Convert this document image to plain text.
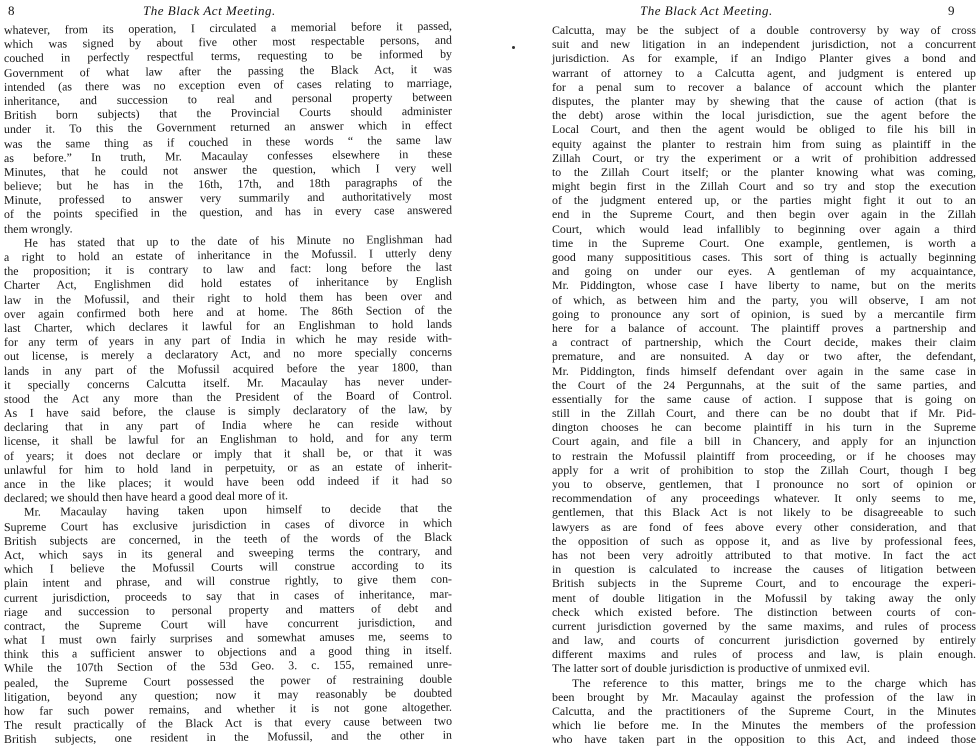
8	The Black Act Meeting.
whatever, from its operation, I circulated a memorial before it passed,
which was signed by about five other most respectable persons, and
couched in perfectly respectful terms, requesting to be informed by
Government of what law after the passing the Black Act, it was
intended (as there was no exception even of cases relating to marriage,
inheritance, and succession to real and personal property between
British born subjects) that the Provincial Courts should administer
under it. To this the Government returned an answer which in effect
was the same thing as if couched in these words “ the same law
as before.” In truth, Mr. Macaulay confesses elsewhere in these
Minutes, that he could not answer the question, which I very well
believe; but he has in the 16th, 17th, and 18th paragraphs of the
Minute, professed to answer very summarily and authoritatively most
of the points specified in the question, and has in every case answered
them wrongly.
He has stated that up to the date of his Minute no Englishman had
a right to hold an estate of inheritance in the Mofussil. I utterly deny
the proposition; it is contrary to law and fact: long before the last
Charter Act, Englishmen did hold estates of inheritance by English
law in the Mofussil, and their right to hold them has been over and
over again confirmed both here and at home. The 86th Section of the
last Charter, which declares it lawful for an Englishman to hold lands
for any term of years in any part of India in which he may reside with-
out license, is merely a declaratory Act, and no more specially concerns
lands in any part of the Mofussil acquired before the year 1800, than
it specially concerns Calcutta itself. Mr. Macaulay has never under-
stood the Act any more than the President of the Board of Control.
As I have said before, the clause is simply declaratory of the law, by
declaring that in any part of India where he can reside without
license, it shall be lawful for an Englishman to hold, and for any term
of years; it does not declare or imply that it shall be, or that it was
unlawful for him to hold land in perpetuity, or as an estate of inherit-
ance in the like places; it would have been odd indeed if it had so
declared; we should then have heard a good deal more of it.
Mr. Macaulay having taken upon himself to decide that the
Supreme Court has exclusive jurisdiction in cases of divorce in which
British subjects are concerned, in the teeth of the words of the Black
Act, which says in its general and sweeping terms the contrary, and
which I believe the Mofussil Courts will construe according to its
plain intent and phrase, and will construe rightly, to give them con-
current jurisdiction, proceeds to say that in cases of inheritance, mar-
riage and succession to personal property and matters of debt and
contract, the Supreme Court will have concurrent jurisdiction, and
what I must own fairly surprises and somewhat amuses me, seems to
think this a sufficient answer to objections and a good thing in itself.
While the 107th Section of the 53d Geo. 3. c. 155, remained unre-
pealed, the Supreme Court possessed the power of restraining double
litigation, beyond any question; now it may reasonably be doubted
how far such power remains, and whether it is not gone altogether.
The result practically of the Black Act is that every cause between two
British subjects, one resident in the Mofussil, and the other in
The Black Act Meeting.	9
Calcutta, may be the subject of a double controversy by way of cross
suit and new litigation in an independent jurisdiction, not a concurrent
jurisdiction. As for example, if an Indigo Planter gives a bond and
warrant of attorney to a Calcutta agent, and judgment is entered up
for a penal sum to recover a balance of account which the planter
disputes, the planter may by shewing that the cause of action (that is
the debt) arose within the local jurisdiction, sue the agent before the
Local Court, and then the agent would be obliged to file his bill in
equity against the planter to restrain him from suing as plaintiff in the
Zillah Court, or try the experiment or a writ of prohibition addressed
to the Zillah Court itself; or the planter knowing what was coming,
might begin first in the Zillah Court and so try and stop the execution
of the judgment entered up, or the parties might fight it out to an
end in the Supreme Court, and then begin over again in the Zillah
Court, which would lead infallibly to beginning over again a third
time in the Supreme Court. One example, gentlemen, is worth a
good many supposititious cases. This sort of thing is actually beginning
and going on under our eyes. A gentleman of my acquaintance,
Mr. Piddington, whose case I have liberty to name, but on the merits
of which, as between him and the party, you will observe, I am not
going to pronounce any sort of opinion, is sued by a mercantile firm
here for a balance of account. The plaintiff proves a partnership and
a contract of partnership, which the Court decide, makes their claim
premature, and are nonsuited. A day or two after, the defendant,
Mr. Piddington, finds himself defendant over again in the same case in
the Court of the 24 Pergunnahs, at the suit of the same parties, and
essentially for the same cause of action. I suppose that is going on
still in the Zillah Court, and there can be no doubt that if Mr. Pid-
dington chooses he can become plaintiff in his turn in the Supreme
Court again, and file a bill in Chancery, and apply for an injunction
to restrain the Mofussil plaintiff from proceeding, or if he chooses may
apply for a writ of prohibition to stop the Zillah Court, though I beg
you to observe, gentlemen, that I pronounce no sort of opinion or
recommendation of any proceedings whatever. It only seems to me,
gentlemen, that this Black Act is not likely to be disagreeable to such
lawyers as are fond of fees above every other consideration, and that
the opposition of such as oppose it, and as live by professional fees,
has not been very adroitly attributed to that motive. In fact the act
in question is calculated to increase the causes of litigation between
British subjects in the Supreme Court, and to encourage the experi-
ment of double litigation in the Mofussil by taking away the only
check which existed before. The distinction between courts of con-
current jurisdiction governed by the same maxims, and rules of process
and law, and courts of concurrent jurisdiction governed by entirely
different maxims and rules of process and law, is plain enough.
The latter sort of double jurisdiction is productive of unmixed evil.
The reference to this matter, brings me to the charge which has
been brought by Mr. Macaulay against the profession of the law in
Calcutta, and the practitioners of the Supreme Court, in the Minutes
which lie before me. In the Minutes the members of the profession
who have taken part in the opposition to this Act, and indeed those
